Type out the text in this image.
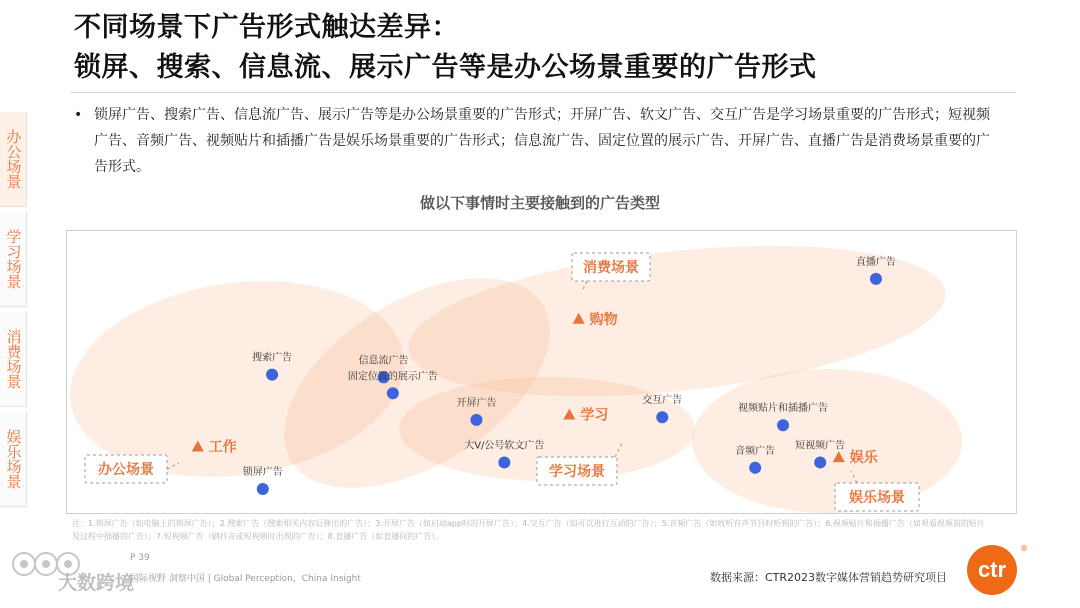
不同场景下广告形式触达差异：
锁屏、搜索、信息流、展示广告等是办公场景重要的广告形式
办公场景
学习场景
消费场景
娱乐场景
• 锁屏广告、搜索广告、信息流广告、展示广告等是办公场景重要的广告形式；开屏广告、软文广告、交互广告是学习场景重要的广告形式；短视频广告、音频广告、视频贴片和插播广告是娱乐场景重要的广告形式；信息流广告、固定位置的展示广告、开屏广告、直播广告是消费场景重要的广告形式。
做以下事情时主要接触到的广告类型
搜索广告	信息流广告
固定位置的展示广告
锁屏广告
开屏广告
大V/公号软文广告
交互广告
直播广告
视频贴片和插播广告
短视频广告
音频广告
工作
学习
购物
娱乐
消费场景
学习场景
办公场景
娱乐场景
注：1.锁屏广告（如电脑上的锁屏广告）；2.搜索广告（搜索相关内容后弹出的广告）；3.开屏广告（如启动app时的开屏广告）；4.交互广告（如可以进行互动的广告）；5.音频广告（如收听有声节目时听到的广告）；6.视频贴片和插播广告（如观看视频前的贴片及过程中插播的广告）；7.短视频广告（刷抖音或短视频时出现的广告）；8.直播广告（如直播间的广告）。
大数跨境
P 39
国际视野 洞察中国 | Global Perception，China Insight	数据来源：CTR2023数字媒体营销趋势研究项目	ctr
®
